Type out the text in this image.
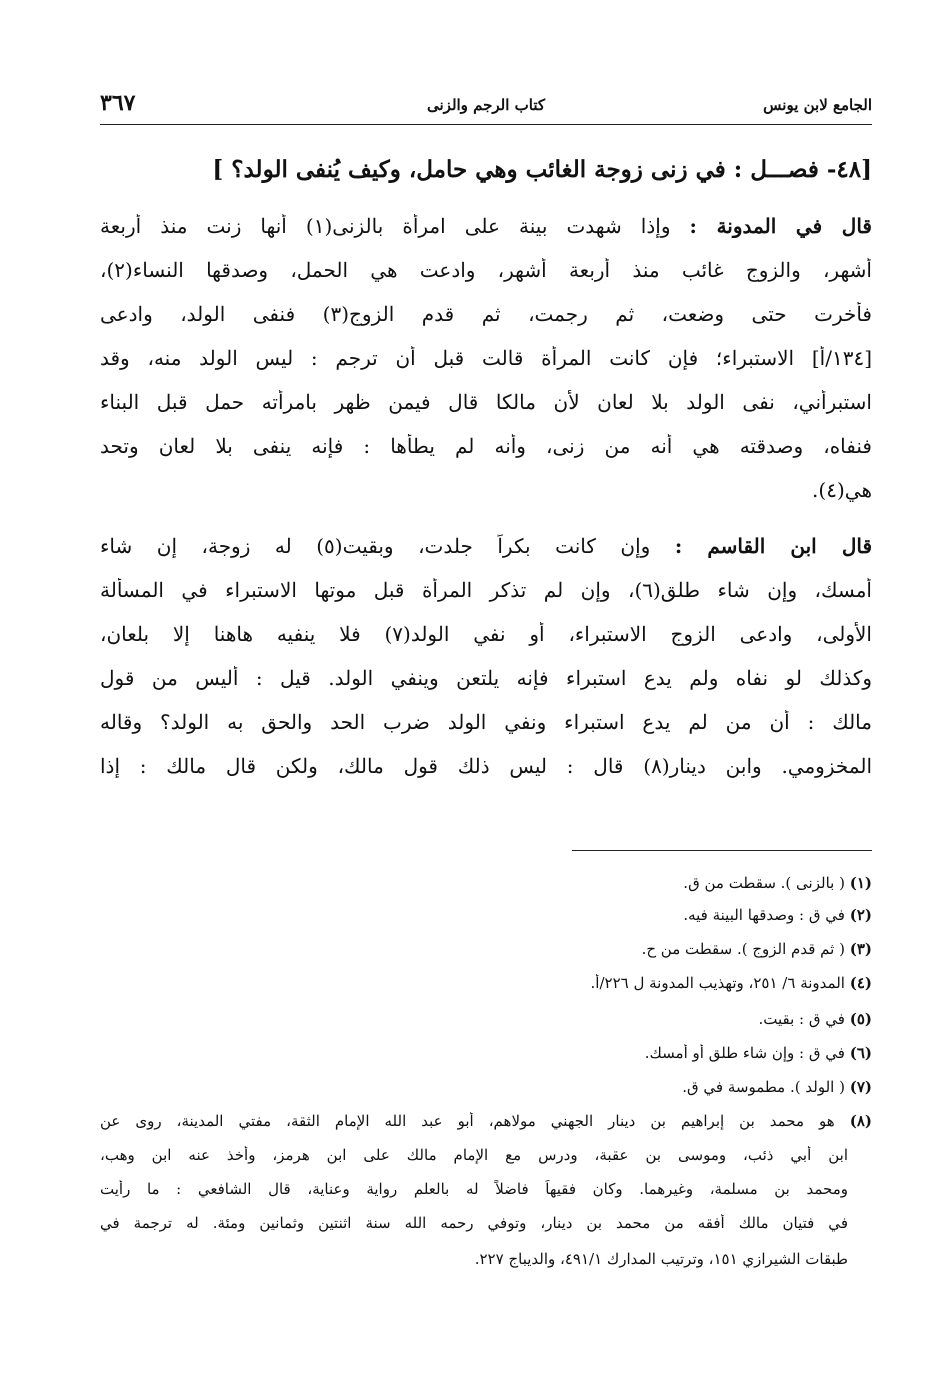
الجامع لابن يونس
كتاب الرجم والزنى
٣٦٧
[٤٨- فصـــل : في زنى زوجة الغائب وهي حامل، وكيف يُنفى الولد؟ ]
قال في المدونة : وإذا شهدت بينة على امرأة بالزنى(١) أنها زنت منذ أربعة
أشهر، والزوج غائب منذ أربعة أشهر، وادعت هي الحمل، وصدقها النساء(٢)،
فأُخرت حتى وضعت، ثم رجمت، ثم قدم الزوج(٣) فنفى الولد، وادعى
[١٣٤/أ] الاستبراء؛ فإن كانت المرأة قالت قبل أن ترجم : ليس الولد منه، وقد
استبرأني، نفى الولد بلا لعان لأن مالكا قال فيمن ظهر بامرأته حمل قبل البناء
فنفاه، وصدقته هي أنه من زنى، وأنه لم يطأها : فإنه ينفى بلا لعان وتحد
هي(٤).
قال ابن القاسم : وإن كانت بكراً جلدت، وبقيت(٥) له زوجة، إن شاء
أمسك، وإن شاء طلق(٦)، وإن لم تذكر المرأة قبل موتها الاستبراء في المسألة
الأولى، وادعى الزوج الاستبراء، أو نفي الولد(٧) فلا ينفيه هاهنا إلا بلعان،
وكذلك لو نفاه ولم يدع استبراء فإنه يلتعن وينفي الولد. قيل : أليس من قول
مالك : أن من لم يدع استبراء ونفي الولد ضرب الحد والحق به الولد؟ وقاله
المخزومي. وابن دينار(٨) قال : ليس ذلك قول مالك، ولكن قال مالك : إذا
(١) ( بالزنى ). سقطت من ق.
(٢) في ق : وصدقها البينة فيه.
(٣) ( ثم قدم الزوج ). سقطت من ح.
(٤) المدونة ٦/ ٢٥١، وتهذيب المدونة ل ٢٢٦/أ.
(٥) في ق : بقيت.
(٦) في ق : وإن شاء طلق أو أمسك.
(٧) ( الولد ). مطموسة في ق.
(٨) هو محمد بن إبراهيم بن دينار الجهني مولاهم، أبو عبد الله الإمام الثقة، مفتي المدينة، روى عن
ابن أبي ذئب، وموسى بن عقبة، ودرس مع الإمام مالك على ابن هرمز، وأخذ عنه ابن وهب،
ومحمد بن مسلمة، وغيرهما. وكان فقيهاً فاضلاً له بالعلم رواية وعناية، قال الشافعي : ما رأيت
في فتيان مالك أفقه من محمد بن دينار، وتوفي رحمه الله سنة اثنتين وثمانين ومئة. له ترجمة في
طبقات الشيرازي ١٥١، وترتيب المدارك ٤٩١/١، والديباج ٢٢٧.
